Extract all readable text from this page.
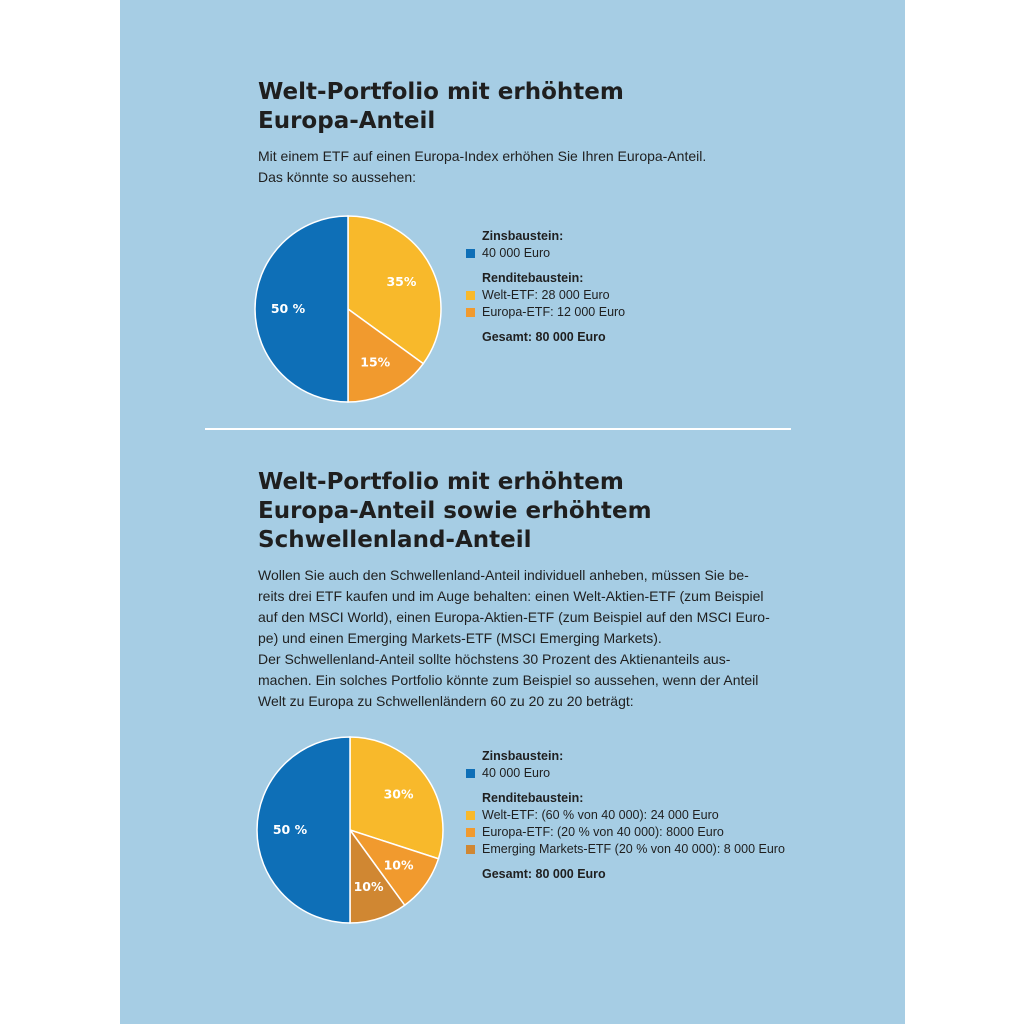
Welt-Portfolio mit erhöhtem
Europa-Anteil
Mit einem ETF auf einen Europa-Index erhöhen Sie Ihren Europa-Anteil.
Das könnte so aussehen:
35%
15%
50 %
Zinsbaustein:
40 000 Euro
Renditebaustein:
Welt-ETF: 28 000 Euro
Europa-ETF: 12 000 Euro
Gesamt: 80 000 Euro
Welt-Portfolio mit erhöhtem
Europa-Anteil sowie erhöhtem
Schwellenland-Anteil
Wollen Sie auch den Schwellenland-Anteil individuell anheben, müssen Sie be-
reits drei ETF kaufen und im Auge behalten: einen Welt-Aktien-ETF (zum Beispiel
auf den MSCI World), einen Europa-Aktien-ETF (zum Beispiel auf den MSCI Euro-
pe) und einen Emerging Markets-ETF (MSCI Emerging Markets).
Der Schwellenland-Anteil sollte höchstens 30 Prozent des Aktienanteils aus-
machen. Ein solches Portfolio könnte zum Beispiel so aussehen, wenn der Anteil
Welt zu Europa zu Schwellenländern 60 zu 20 zu 20 beträgt:
30%
10%
10%
50 %
Zinsbaustein:
40 000 Euro
Renditebaustein:
Welt-ETF: (60 % von 40 000): 24 000 Euro
Europa-ETF: (20 % von 40 000): 8000 Euro
Emerging Markets-ETF (20 % von 40 000): 8 000 Euro
Gesamt: 80 000 Euro
